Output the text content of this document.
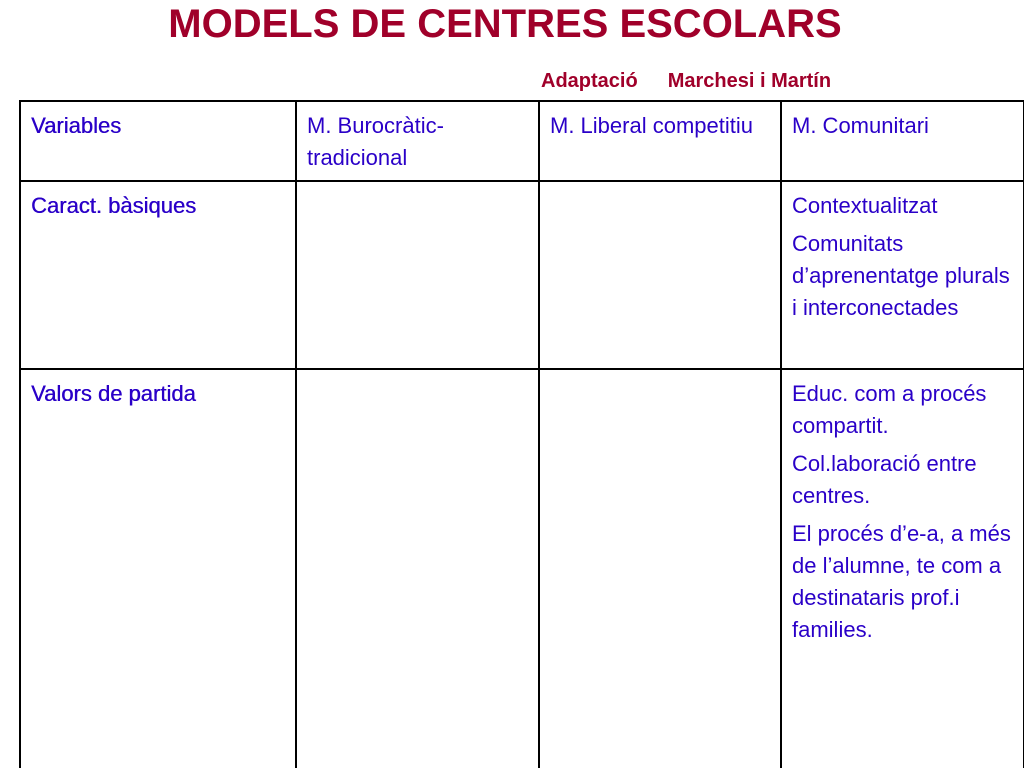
MODELS DE CENTRES ESCOLARS
Adaptació Marchesi i Martín
Variables	M. Burocràtic-tradicional	M. Liberal competitiu	M. Comunitari
Caract. bàsiques			Contextualitzat

Comunitats d’aprenentatge plurals i interconectades

Valors de partida			Educ. com a procés compartit.

Col.laboració entre centres.

El procés d’e-a, a més de l’alumne, te com a destinataris prof.i families.
